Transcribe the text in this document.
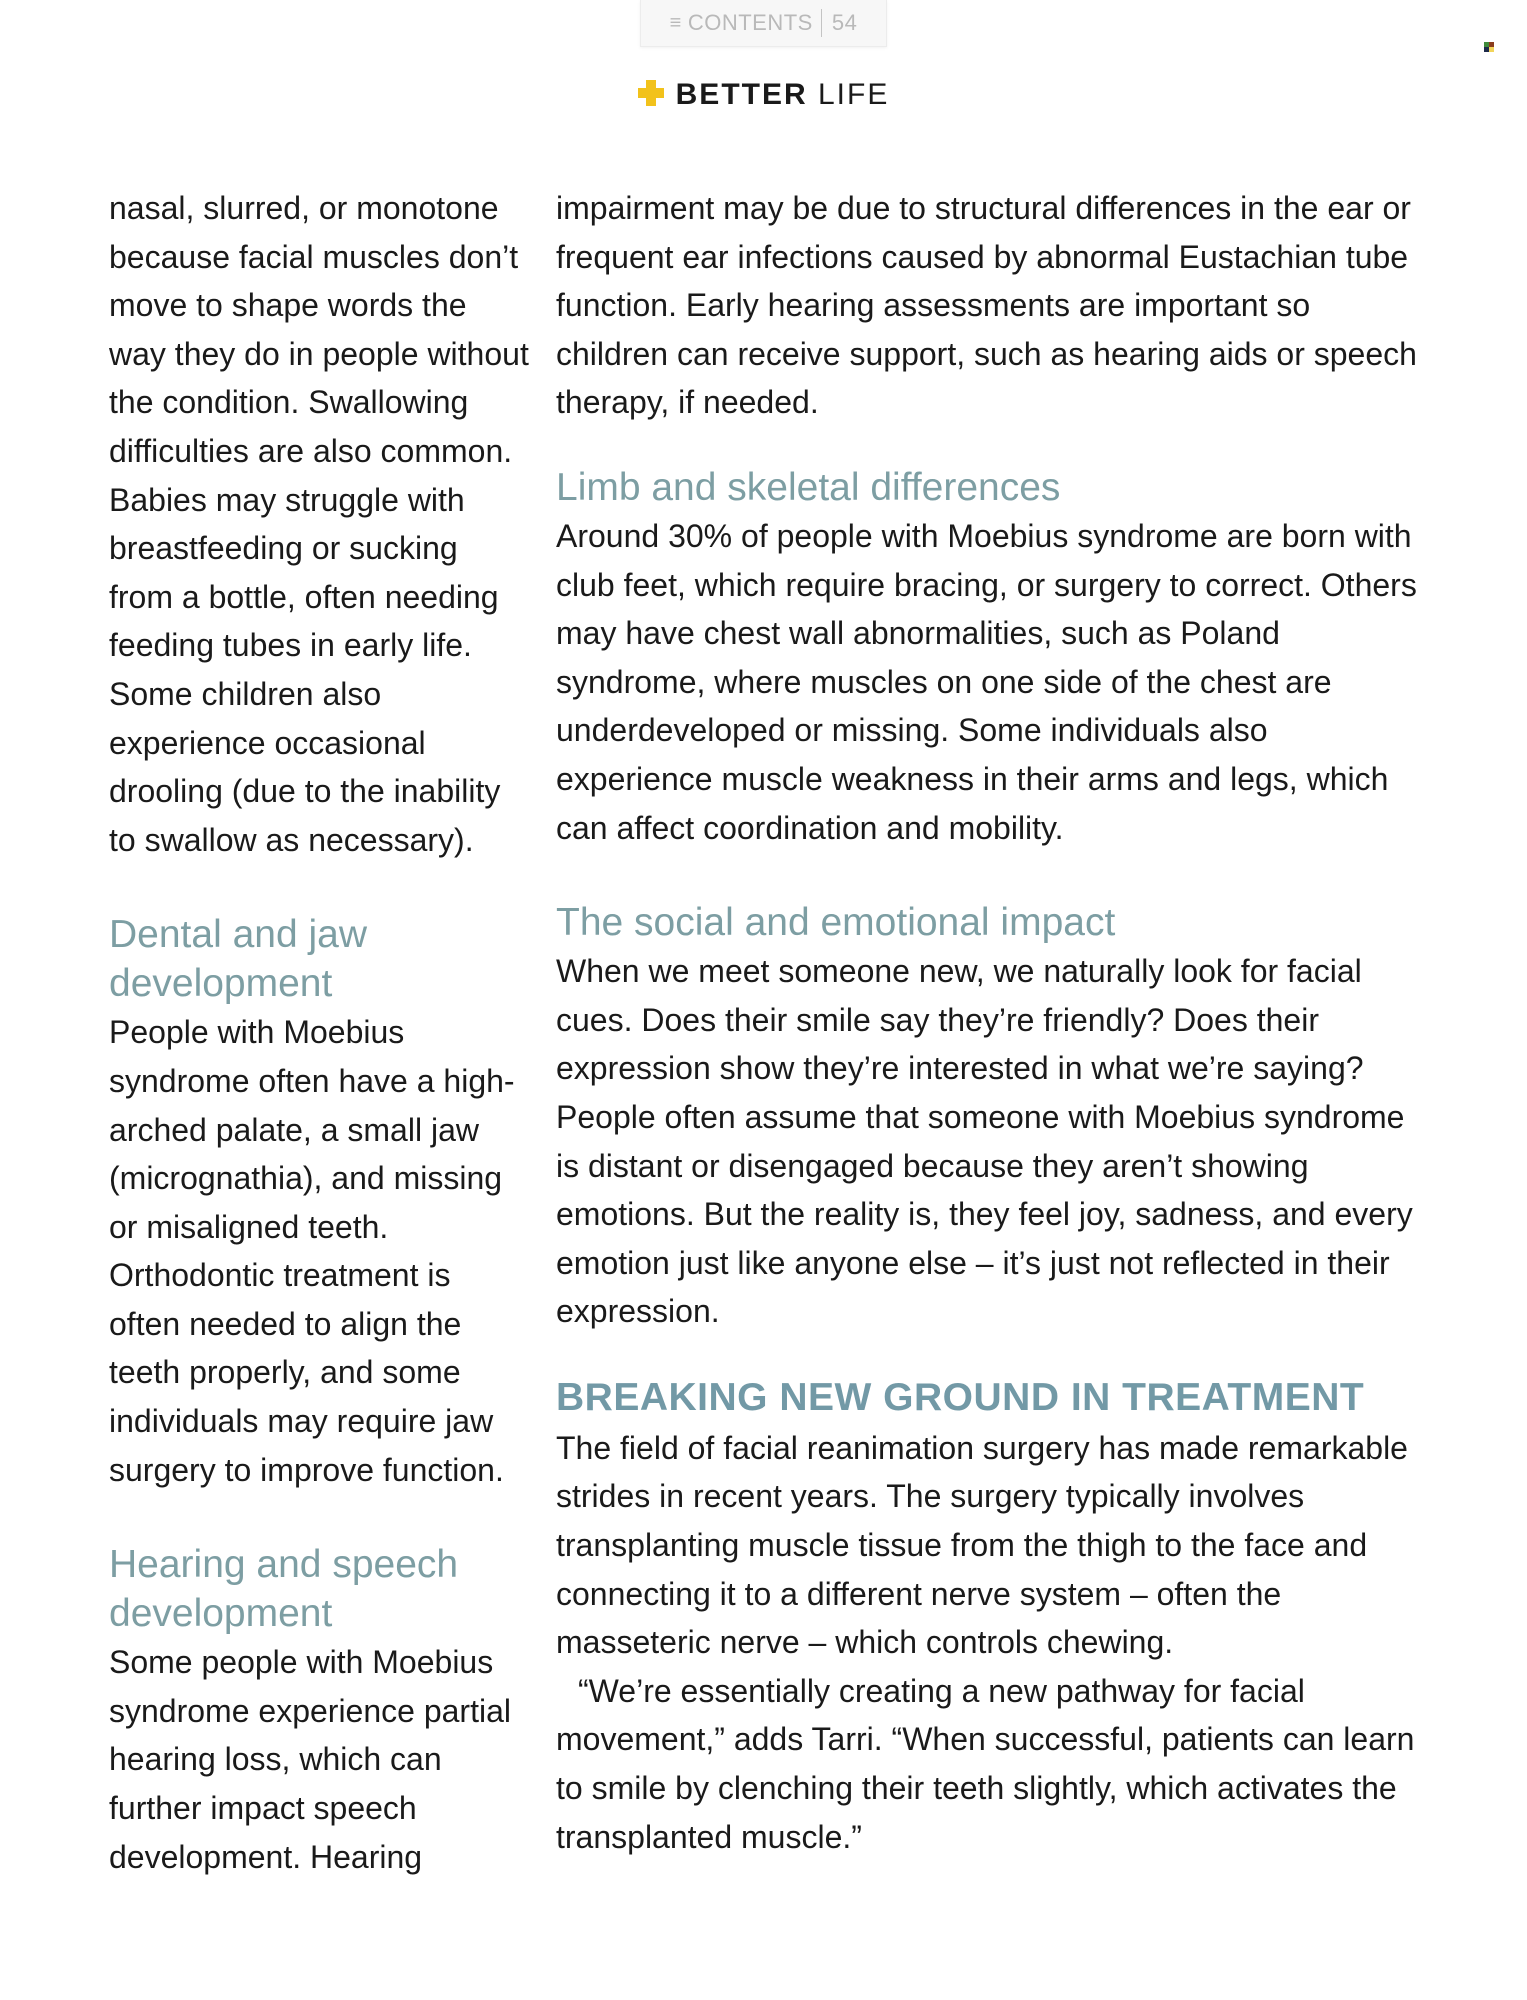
≡ CONTENTS 54
BETTER LIFE

nasal, slurred, or monotone because facial muscles don’t move to shape words the way they do in people without the condition. Swallowing difficulties are also common. Babies may struggle with breastfeeding or sucking from a bottle, often needing feeding tubes in early life. Some children also experience occasional drooling (due to the inability to swallow as necessary).

Dental and jaw development

People with Moebius syndrome often have a high-arched palate, a small jaw (micrognathia), and missing or misaligned teeth. Orthodontic treatment is often needed to align the teeth properly, and some individuals may require jaw surgery to improve function.

Hearing and speech development

Some people with Moebius syndrome experience partial hearing loss, which can further impact speech development. Hearing

impairment may be due to structural differences in the ear or frequent ear infections caused by abnormal Eustachian tube function. Early hearing assessments are important so children can receive support, such as hearing aids or speech therapy, if needed.

Limb and skeletal differences

Around 30% of people with Moebius syndrome are born with club feet, which require bracing, or surgery to correct. Others may have chest wall abnormalities, such as Poland syndrome, where muscles on one side of the chest are underdeveloped or missing. Some individuals also experience muscle weakness in their arms and legs, which can affect coordination and mobility.

The social and emotional impact

When we meet someone new, we naturally look for facial cues. Does their smile say they’re friendly? Does their expression show they’re interested in what we’re saying? People often assume that someone with Moebius syndrome is distant or disengaged because they aren’t showing emotions. But the reality is, they feel joy, sadness, and every emotion just like anyone else – it’s just not reflected in their expression.

BREAKING NEW GROUND IN TREATMENT

The field of facial reanimation surgery has made remarkable strides in recent years. The surgery typically involves transplanting muscle tissue from the thigh to the face and connecting it to a different nerve system – often the masseteric nerve – which controls chewing.

“We’re essentially creating a new pathway for facial movement,” adds Tarri. “When successful, patients can learn to smile by clenching their teeth slightly, which activates the transplanted muscle.”
